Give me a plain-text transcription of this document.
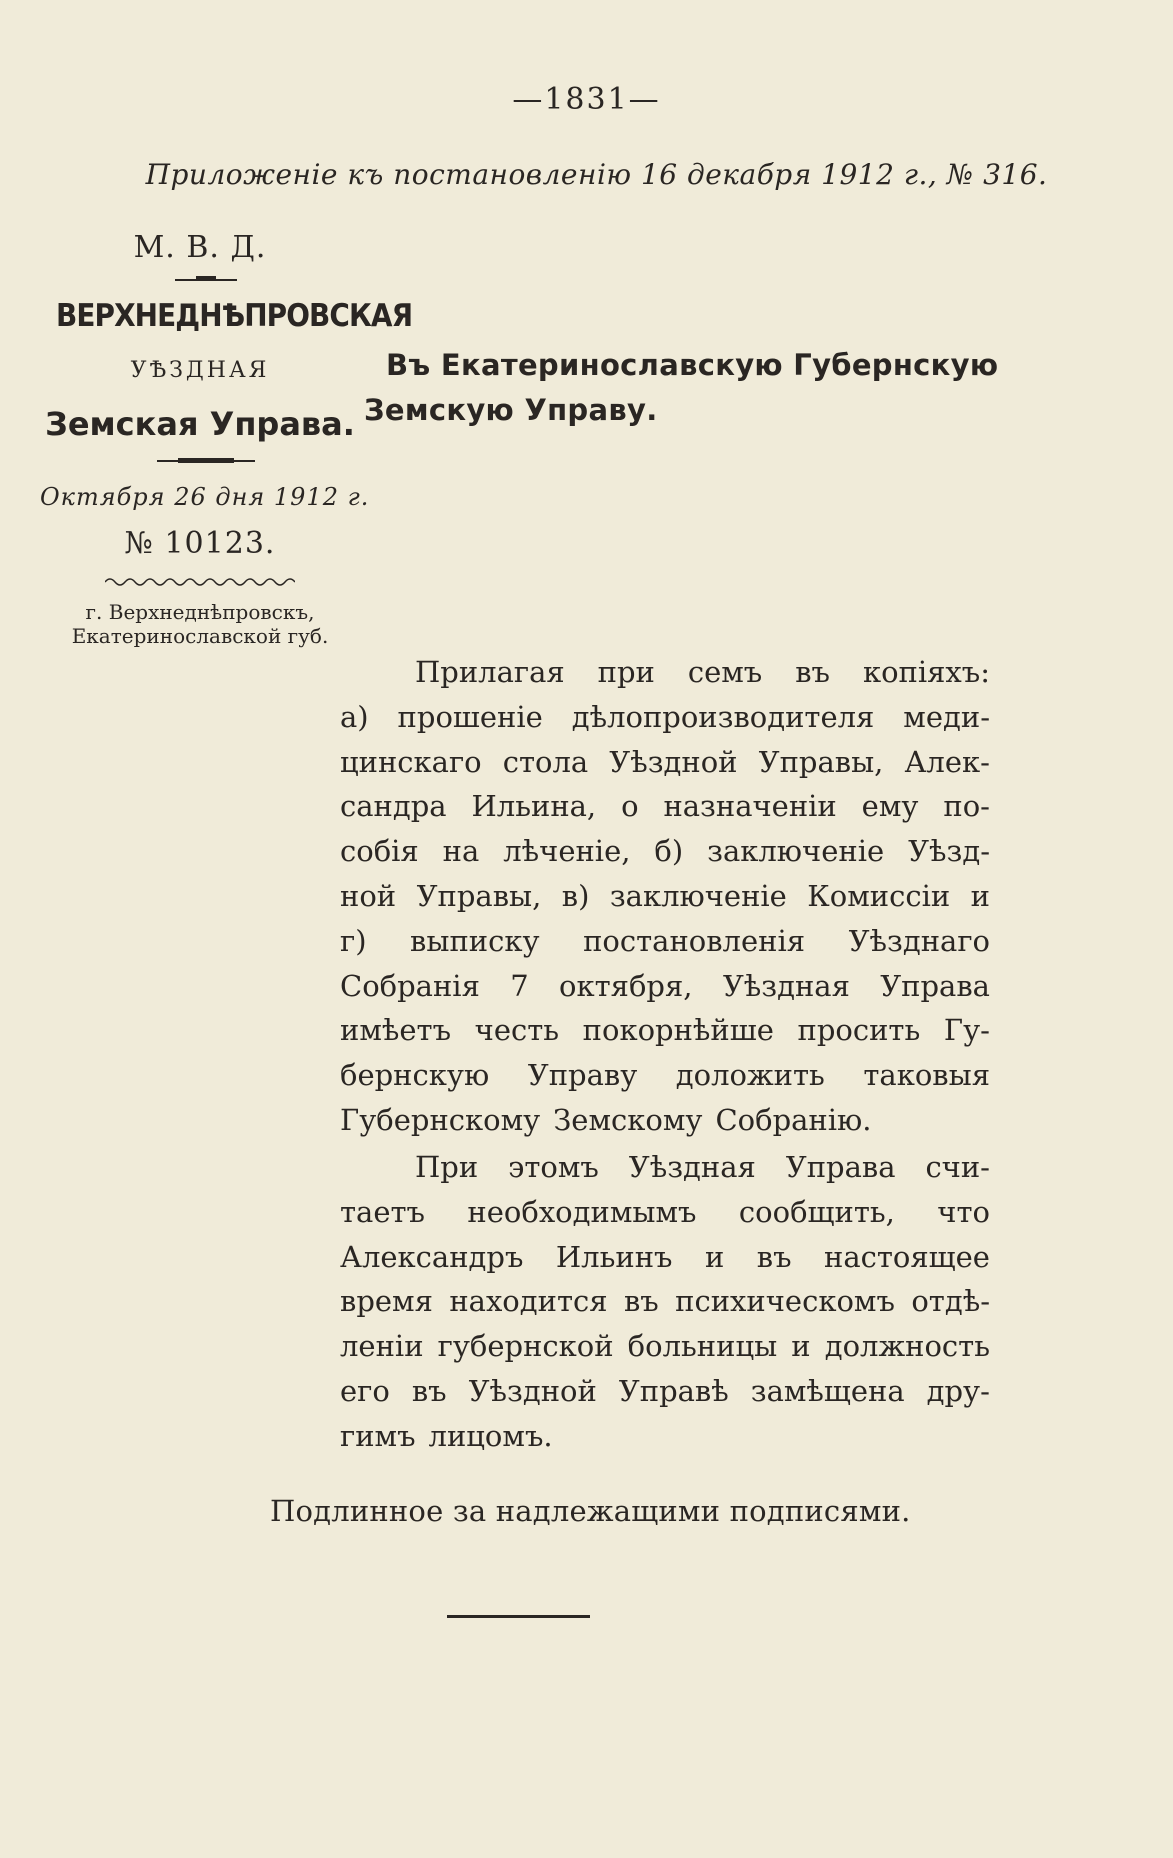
—1831—
Приложеніе къ постановленію 16 декабря 1912 г., № 316.
М. В. Д.
ВЕРХНЕДНѢПРОВСКАЯ
УѢЗДНАЯ
Земская Управа.
Октября 26 дня 1912 г.
№ 10123.
г. Верхнеднѣпровскъ,
Екатеринославской губ.
Въ Екатеринославскую Губернскую
Земскую Управу.
Прилагая при семъ въ копіяхъ:
а) прошеніе дѣлопроизводителя меди-
цинскаго стола Уѣздной Управы, Алек-
сандра Ильина, о назначеніи ему по-
собія на лѣченіе, б) заключеніе Уѣзд-
ной Управы, в) заключеніе Комиссіи и
г) выписку постановленія Уѣзднаго
Собранія 7 октября, Уѣздная Управа
имѣетъ честь покорнѣйше просить Гу-
бернскую Управу доложить таковыя
Губернскому Земскому Собранію.
При этомъ Уѣздная Управа счи-
таетъ необходимымъ сообщить, что
Александръ Ильинъ и въ настоящее
время находится въ психическомъ отдѣ-
леніи губернской больницы и должность
его въ Уѣздной Управѣ замѣщена дру-
гимъ лицомъ.
Подлинное за надлежащими подписями.
